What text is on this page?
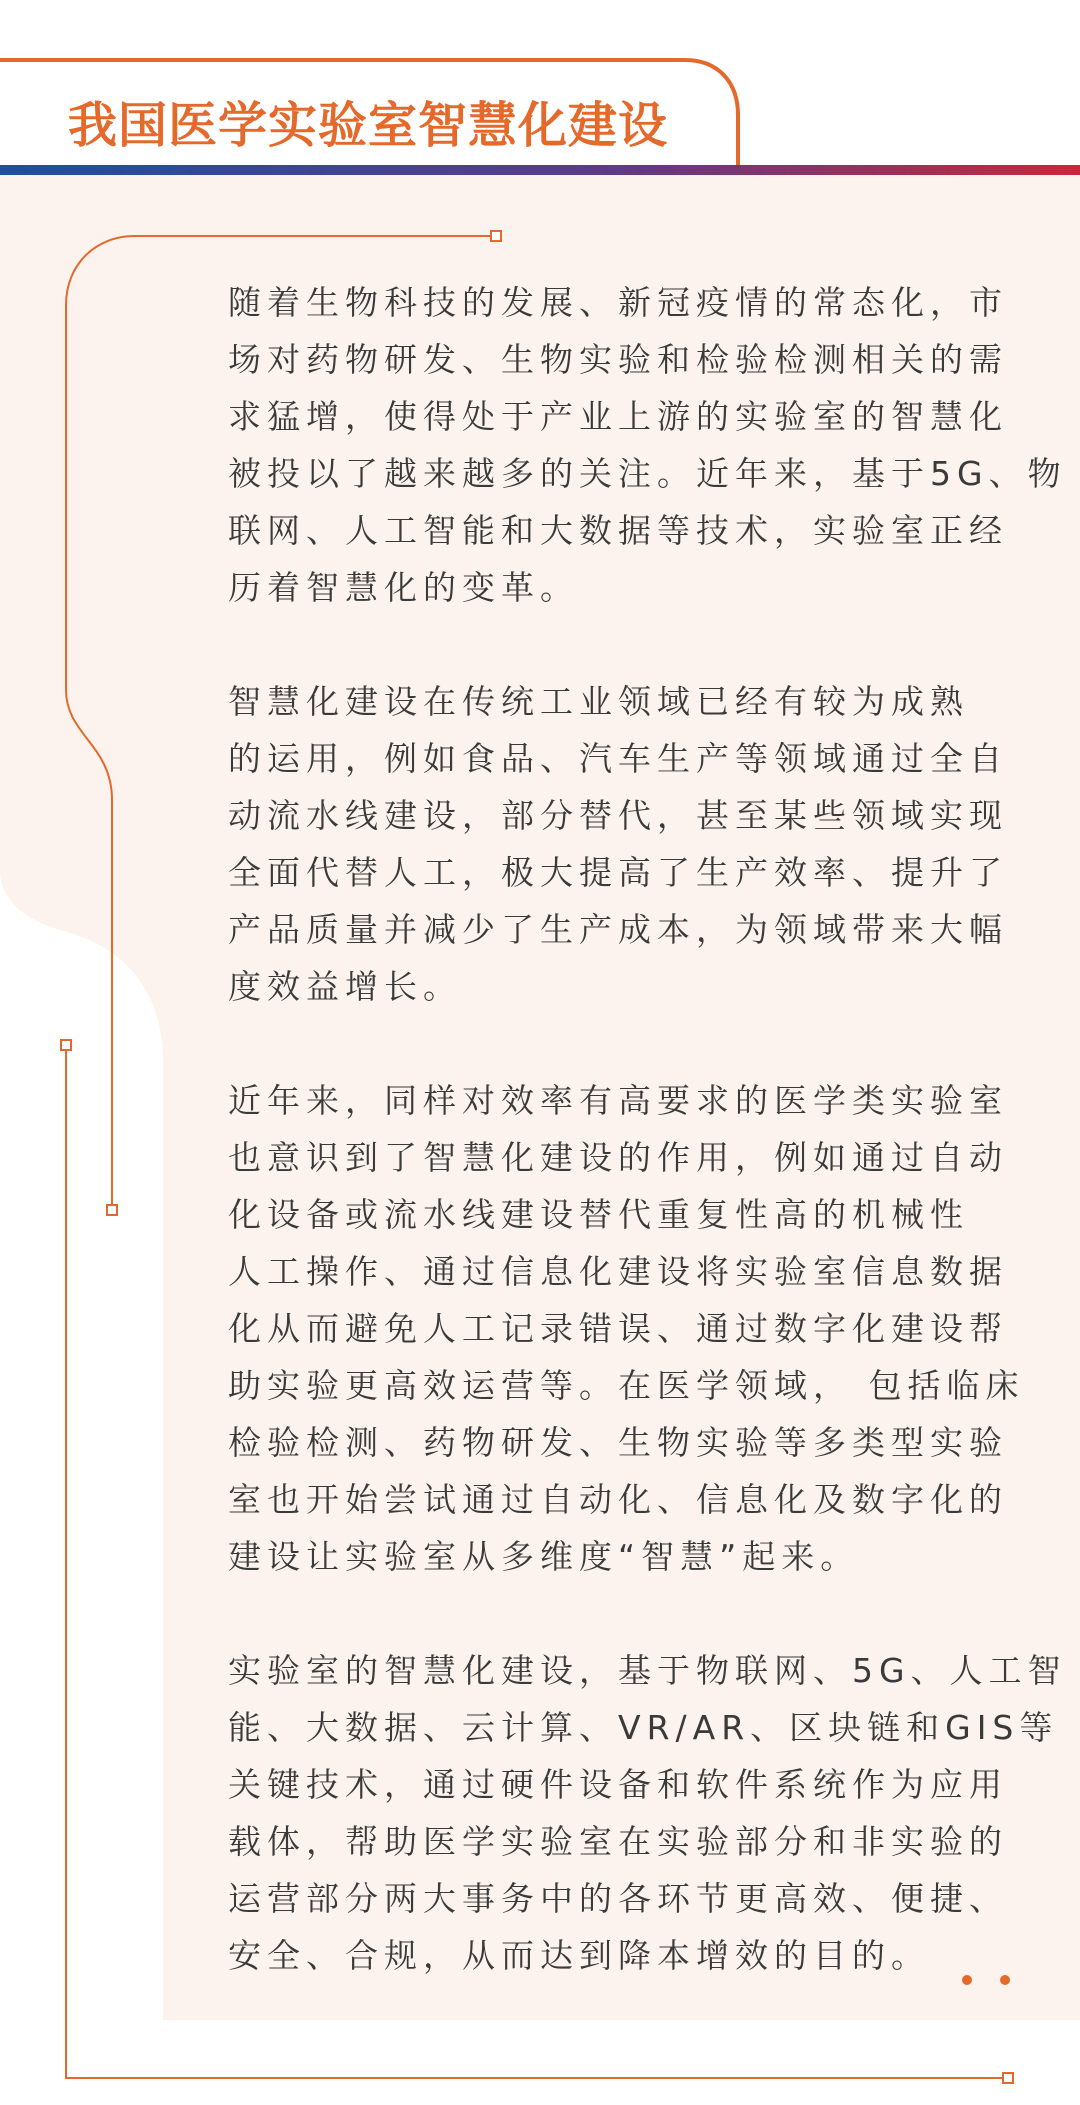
我国医学实验室智慧化建设
随着生物科技的发展、新冠疫情的常态化，市
场对药物研发、生物实验和检验检测相关的需
求猛增，使得处于产业上游的实验室的智慧化
被投以了越来越多的关注。近年来，基于5G、物
联网、人工智能和大数据等技术，实验室正经
历着智慧化的变革。
智慧化建设在传统工业领域已经有较为成熟
的运用，例如食品、汽车生产等领域通过全自
动流水线建设，部分替代，甚至某些领域实现
全面代替人工，极大提高了生产效率、提升了
产品质量并减少了生产成本，为领域带来大幅
度效益增长。
近年来，同样对效率有高要求的医学类实验室
也意识到了智慧化建设的作用，例如通过自动
化设备或流水线建设替代重复性高的机械性
人工操作、通过信息化建设将实验室信息数据
化从而避免人工记录错误、通过数字化建设帮
助实验更高效运营等。在医学领域， 包括临床
检验检测、药物研发、生物实验等多类型实验
室也开始尝试通过自动化、信息化及数字化的
建设让实验室从多维度“智慧”起来。
实验室的智慧化建设，基于物联网、5G、人工智
能、大数据、云计算、VR/AR、区块链和GIS等
关键技术，通过硬件设备和软件系统作为应用
载体，帮助医学实验室在实验部分和非实验的
运营部分两大事务中的各环节更高效、便捷、
安全、合规，从而达到降本增效的目的。
